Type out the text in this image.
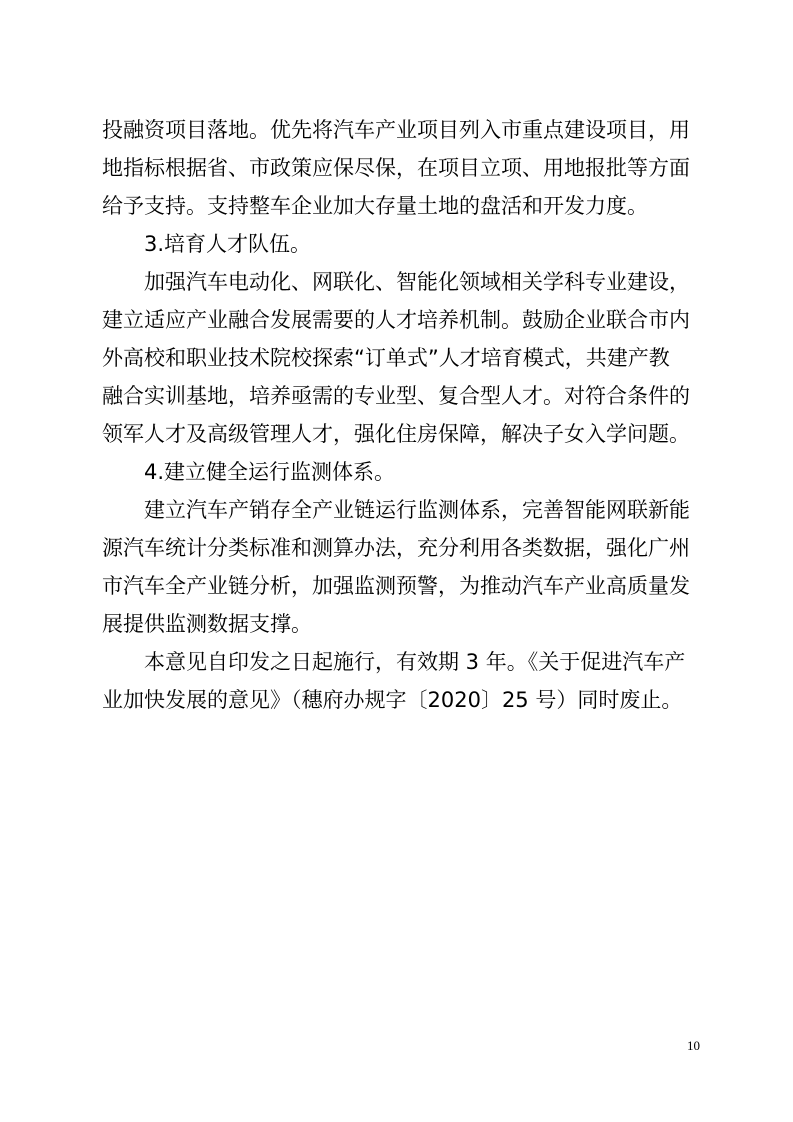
投融资项目落地。优先将汽车产业项目列入市重点建设项目，用
地指标根据省、市政策应保尽保，在项目立项、用地报批等方面
给予支持。支持整车企业加大存量土地的盘活和开发力度。
3.培育人才队伍。
加强汽车电动化、网联化、智能化领域相关学科专业建设，
建立适应产业融合发展需要的人才培养机制。鼓励企业联合市内
外高校和职业技术院校探索“订单式”人才培育模式，共建产教
融合实训基地，培养亟需的专业型、复合型人才。对符合条件的
领军人才及高级管理人才，强化住房保障，解决子女入学问题。
4.建立健全运行监测体系。
建立汽车产销存全产业链运行监测体系，完善智能网联新能
源汽车统计分类标准和测算办法，充分利用各类数据，强化广州
市汽车全产业链分析，加强监测预警，为推动汽车产业高质量发
展提供监测数据支撑。
本意见自印发之日起施行，有效期 3 年。《关于促进汽车产
业加快发展的意见》（穗府办规字〔2020〕25 号）同时废止。
10
